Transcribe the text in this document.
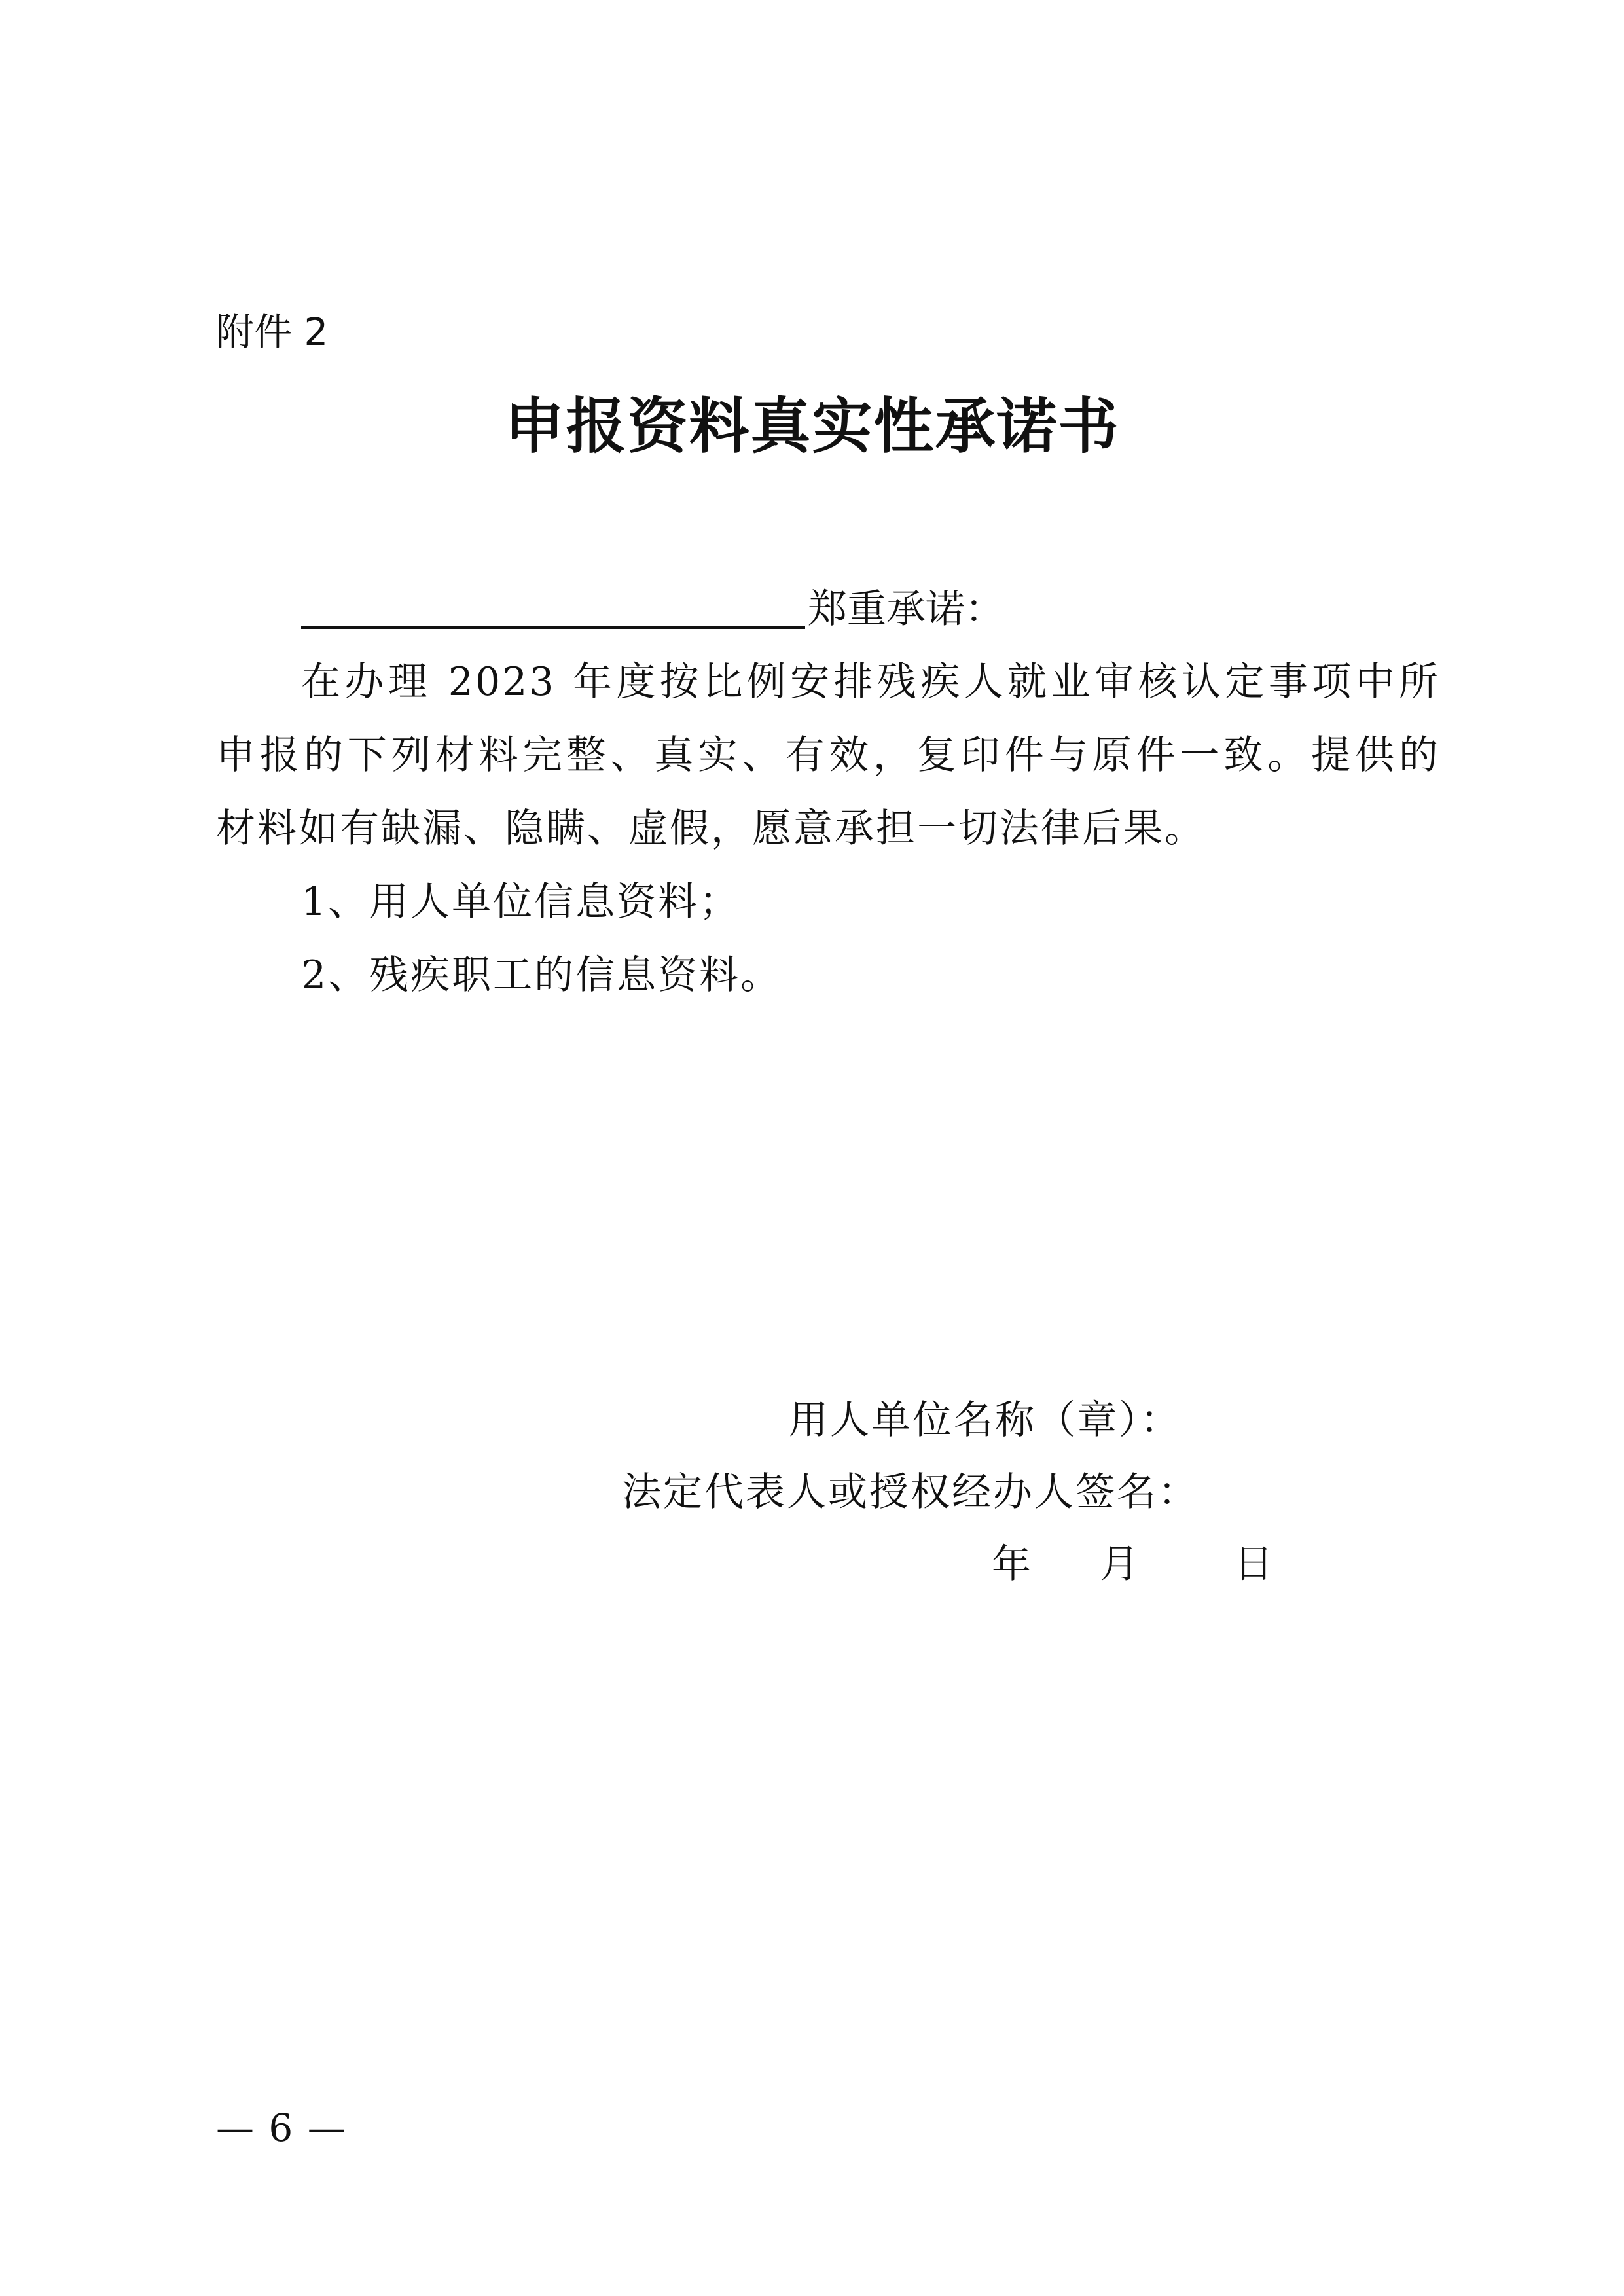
附件 2
申报资料真实性承诺书
郑重承诺：
在办理 2023 年度按比例安排残疾人就业审核认定事项中所
申报的下列材料完整、真实、有效，复印件与原件一致。提供的
材料如有缺漏、隐瞒、虚假，愿意承担一切法律后果。
1、用人单位信息资料；
2、残疾职工的信息资料。
用人单位名称（章）：
法定代表人或授权经办人签名：
年 月 日
— 6 —
